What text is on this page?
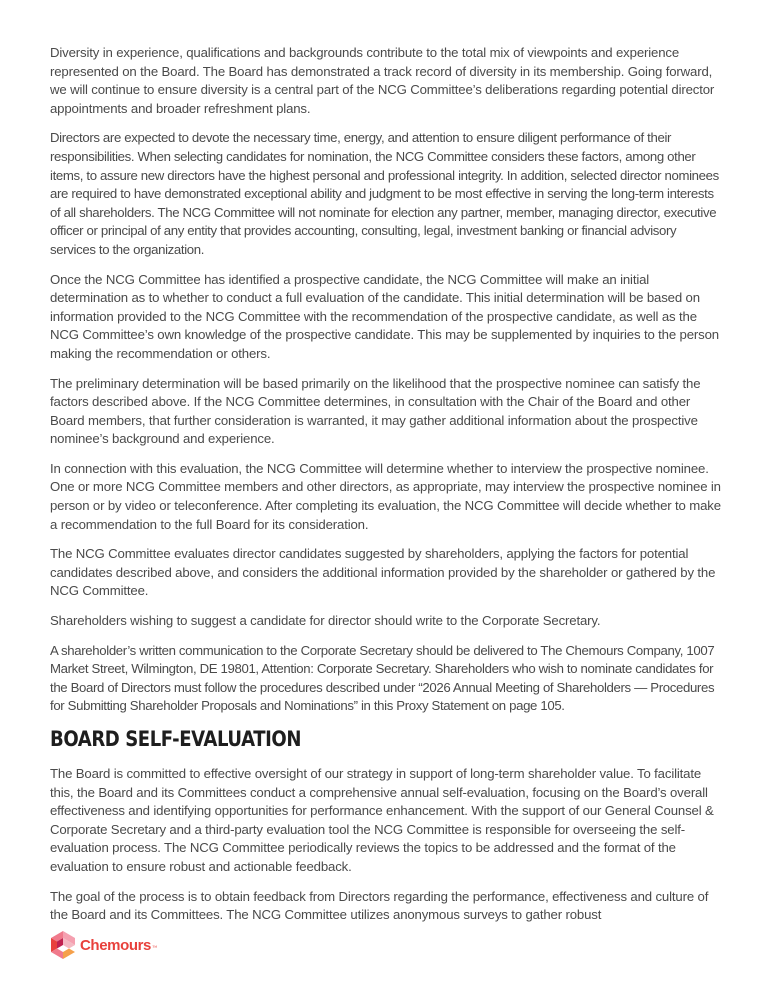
Diversity in experience, qualifications and backgrounds contribute to the total mix of viewpoints and experience represented on the Board. The Board has demonstrated a track record of diversity in its membership. Going forward, we will continue to ensure diversity is a central part of the NCG Committee’s deliberations regarding potential director appointments and broader refreshment plans.

Directors are expected to devote the necessary time, energy, and attention to ensure diligent performance of their responsibilities. When selecting candidates for nomination, the NCG Committee considers these factors, among other items, to assure new directors have the highest personal and professional integrity. In addition, selected director nominees are required to have demonstrated exceptional ability and judgment to be most effective in serving the long-term interests of all shareholders. The NCG Committee will not nominate for election any partner, member, managing director, executive officer or principal of any entity that provides accounting, consulting, legal, investment banking or financial advisory services to the organization.

Once the NCG Committee has identified a prospective candidate, the NCG Committee will make an initial determination as to whether to conduct a full evaluation of the candidate. This initial determination will be based on information provided to the NCG Committee with the recommendation of the prospective candidate, as well as the NCG Committee’s own knowledge of the prospective candidate. This may be supplemented by inquiries to the person making the recommendation or others.

The preliminary determination will be based primarily on the likelihood that the prospective nominee can satisfy the factors described above. If the NCG Committee determines, in consultation with the Chair of the Board and other Board members, that further consideration is warranted, it may gather additional information about the prospective nominee’s background and experience.

In connection with this evaluation, the NCG Committee will determine whether to interview the prospective nominee. One or more NCG Committee members and other directors, as appropriate, may interview the prospective nominee in person or by video or teleconference. After completing its evaluation, the NCG Committee will decide whether to make a recommendation to the full Board for its consideration.

The NCG Committee evaluates director candidates suggested by shareholders, applying the factors for potential candidates described above, and considers the additional information provided by the shareholder or gathered by the NCG Committee.

Shareholders wishing to suggest a candidate for director should write to the Corporate Secretary.

A shareholder’s written communication to the Corporate Secretary should be delivered to The Chemours Company, 1007 Market Street, Wilmington, DE 19801, Attention: Corporate Secretary. Shareholders who wish to nominate candidates for the Board of Directors must follow the procedures described under “2026 Annual Meeting of Shareholders — Procedures for Submitting Shareholder Proposals and Nominations” in this Proxy Statement on page 105.

BOARD SELF-EVALUATION

The Board is committed to effective oversight of our strategy in support of long-term shareholder value. To facilitate this, the Board and its Committees conduct a comprehensive annual self-evaluation, focusing on the Board’s overall effectiveness and identifying opportunities for performance enhancement. With the support of our General Counsel & Corporate Secretary and a third-party evaluation tool the NCG Committee is responsible for overseeing the self-evaluation process. The NCG Committee periodically reviews the topics to be addressed and the format of the evaluation to ensure robust and actionable feedback.

The goal of the process is to obtain feedback from Directors regarding the performance, effectiveness and culture of the Board and its Committees. The NCG Committee utilizes anonymous surveys to gather robust

Chemours ™
